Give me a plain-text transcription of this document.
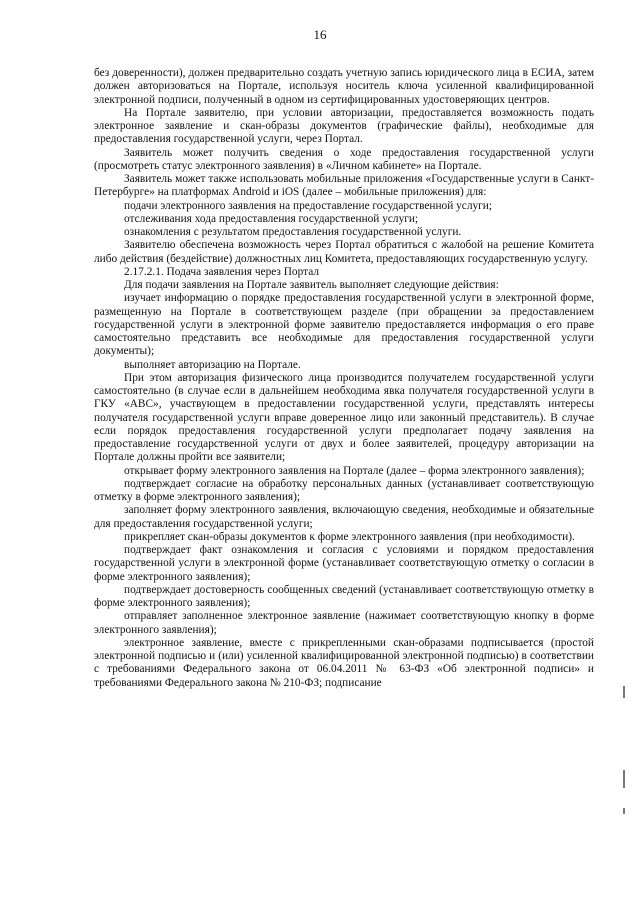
16

без доверенности), должен предварительно создать учетную запись юридического лица в ЕСИА, затем должен авторизоваться на Портале, используя носитель ключа усиленной квалифицированной электронной подписи, полученный в одном из сертифицированных удостоверяющих центров.

На Портале заявителю, при условии авторизации, предоставляется возможность подать электронное заявление и скан-образы документов (графические файлы), необходимые для предоставления государственной услуги, через Портал.

Заявитель может получить сведения о ходе предоставления государственной услуги (просмотреть статус электронного заявления) в «Личном кабинете» на Портале.

Заявитель может также использовать мобильные приложения «Государственные услуги в Санкт-Петербурге» на платформах Android и iOS (далее – мобильные приложения) для:

подачи электронного заявления на предоставление государственной услуги;

отслеживания хода предоставления государственной услуги;

ознакомления с результатом предоставления государственной услуги.

Заявителю обеспечена возможность через Портал обратиться с жалобой на решение Комитета либо действия (бездействие) должностных лиц Комитета, предоставляющих государственную услугу.

2.17.2.1. Подача заявления через Портал

Для подачи заявления на Портале заявитель выполняет следующие действия:

изучает информацию о порядке предоставления государственной услуги в электронной форме, размещенную на Портале в соответствующем разделе (при обращении за предоставлением государственной услуги в электронной форме заявителю предоставляется информация о его праве самостоятельно представить все необходимые для предоставления государственной услуги документы);

выполняет авторизацию на Портале.

При этом авторизация физического лица производится получателем государственной услуги самостоятельно (в случае если в дальнейшем необходима явка получателя государственной услуги в ГКУ «АВС», участвующем в предоставлении государственной услуги, представлять интересы получателя государственной услуги вправе доверенное лицо или законный представитель). В случае если порядок предоставления государственной услуги предполагает подачу заявления на предоставление государственной услуги от двух и более заявителей, процедуру авторизации на Портале должны пройти все заявители;

открывает форму электронного заявления на Портале (далее – форма электронного заявления);

подтверждает согласие на обработку персональных данных (устанавливает соответствующую отметку в форме электронного заявления);

заполняет форму электронного заявления, включающую сведения, необходимые и обязательные для предоставления государственной услуги;

прикрепляет скан-образы документов к форме электронного заявления (при необходимости).

подтверждает факт ознакомления и согласия с условиями и порядком предоставления государственной услуги в электронной форме (устанавливает соответствующую отметку о согласии в форме электронного заявления);

подтверждает достоверность сообщенных сведений (устанавливает соответствующую отметку в форме электронного заявления);

отправляет заполненное электронное заявление (нажимает соответствующую кнопку в форме электронного заявления);

электронное заявление, вместе с прикрепленными скан-образами подписывается (простой электронной подписью и (или) усиленной квалифицированной электронной подписью) в соответствии с требованиями Федерального закона от 06.04.2011 № 63-ФЗ «Об электронной подписи» и требованиями Федерального закона № 210-ФЗ; подписание
